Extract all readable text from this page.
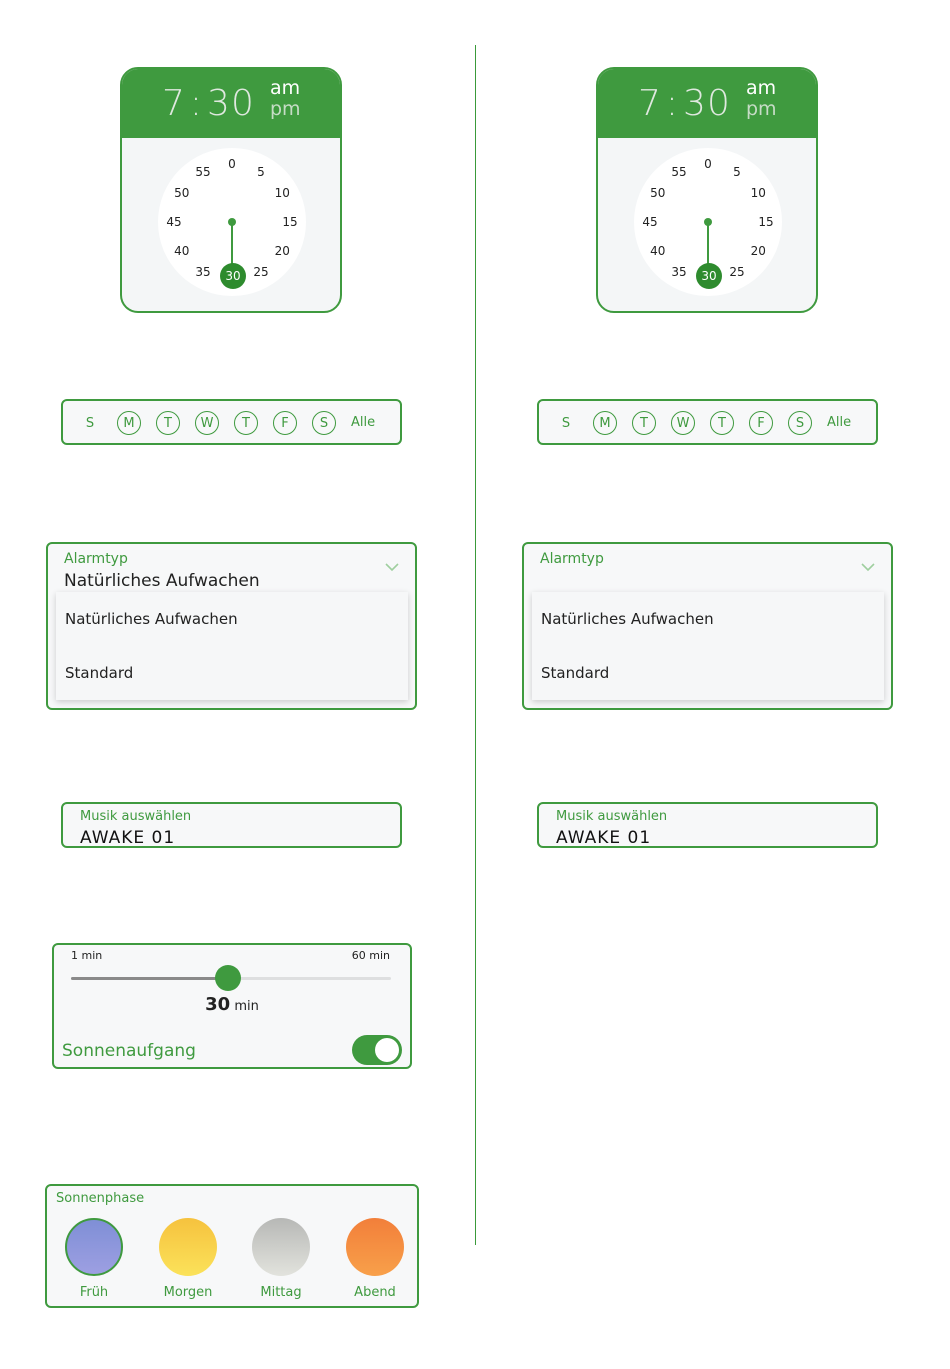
7 : 30 am
pm
30
0
5
10
15
20
25
35
40
45
50
55
S	M	T	W	T	F	S	Alle
Alarmtyp
Natürliches Aufwachen
Natürliches Aufwachen
Standard
Musik auswählen
AWAKE 01
1 min	60 min
30 min
Sonnenaufgang
Sonnenphase
Früh	Morgen	Mittag	Abend
7 : 30 am
pm
30
0
5
10
15
20
25
35
40
45
50
55
S	M	T	W	T	F	S	Alle
Alarmtyp
Natürliches Aufwachen
Standard
Musik auswählen
AWAKE 01
